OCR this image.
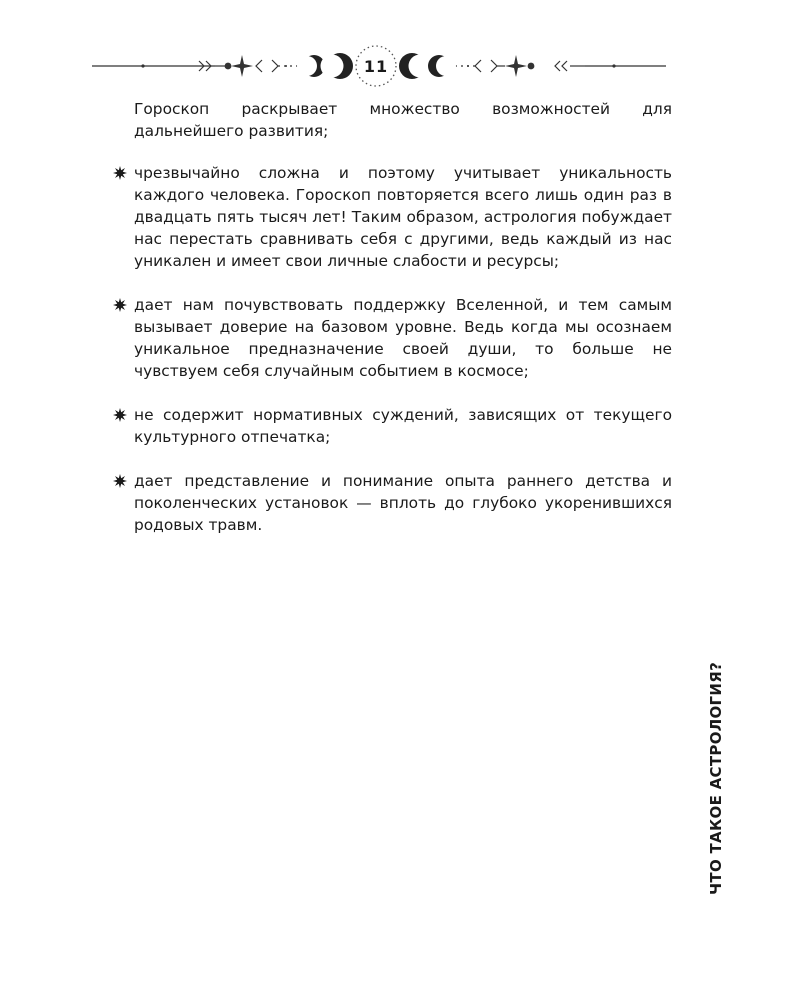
11

Гороскоп раскрывает множество возможностей для дальнейшего развития;

чрезвычайно сложна и поэтому учитывает уникальность каждого человека. Гороскоп повторяется всего лишь один раз в двадцать пять тысяч лет! Таким образом, астрология побуждает нас перестать сравнивать себя с другими, ведь каждый из нас уникален и имеет свои личные слабости и ресурсы;
дает нам почувствовать поддержку Вселенной, и тем самым вызывает доверие на базовом уровне. Ведь когда мы осознаем уникальное предназначение своей души, то больше не чувствуем себя случайным событием в космосе;
не содержит нормативных суждений, зависящих от текущего культурного отпечатка;
дает представление и понимание опыта раннего детства и поколенческих установок — вплоть до глубоко укоренившихся родовых травм.
ЧТО ТАКОЕ АСТРОЛОГИЯ?
